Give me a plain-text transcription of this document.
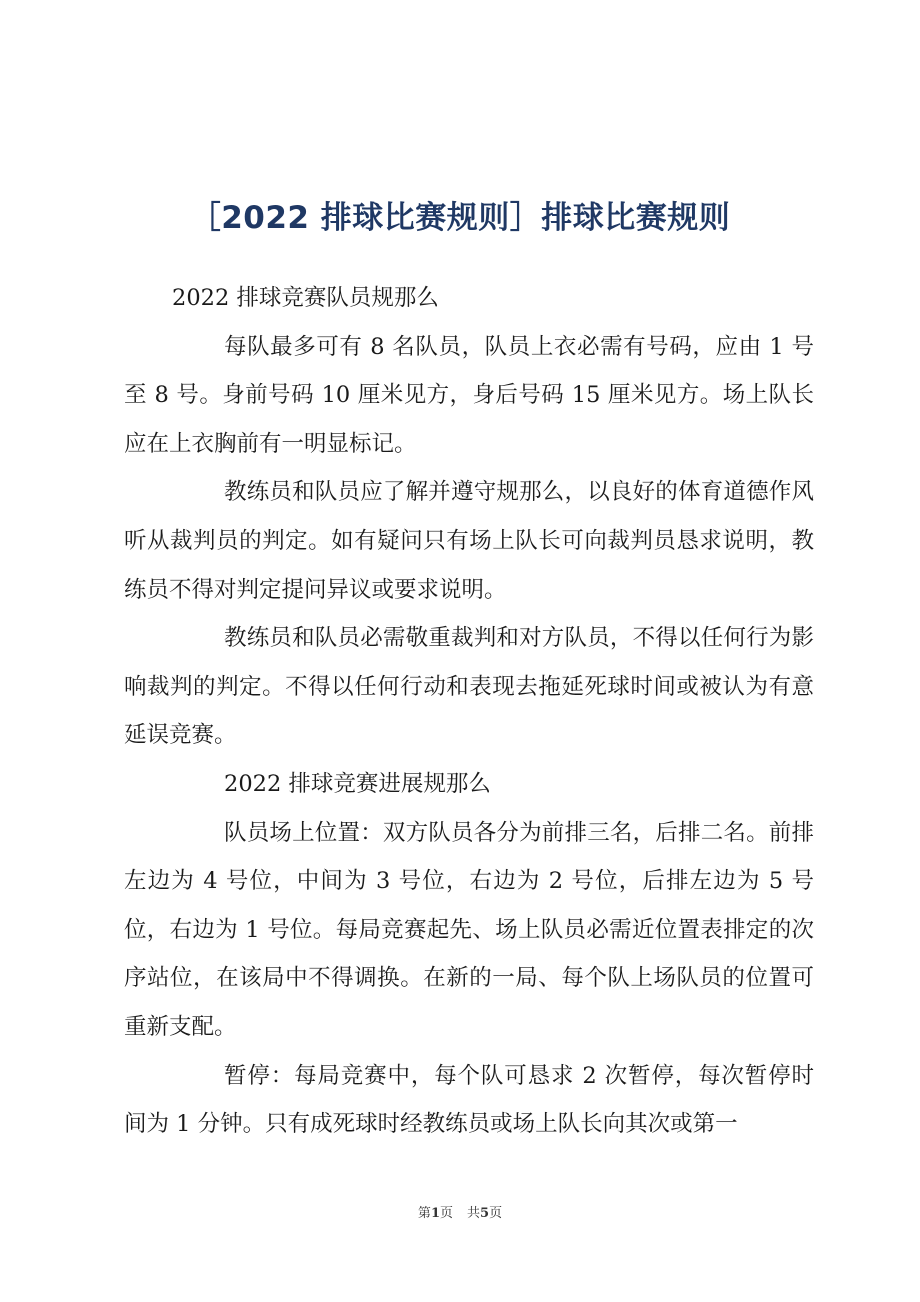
［2022 排球比赛规则］排球比赛规则

2022 排球竞赛队员规那么

每队最多可有 8 名队员，队员上衣必需有号码，应由 1 号至 8 号。身前号码 10 厘米见方，身后号码 15 厘米见方。场上队长应在上衣胸前有一明显标记。

教练员和队员应了解并遵守规那么，以良好的体育道德作风听从裁判员的判定。如有疑问只有场上队长可向裁判员恳求说明，教练员不得对判定提问异议或要求说明。

教练员和队员必需敬重裁判和对方队员，不得以任何行为影响裁判的判定。不得以任何行动和表现去拖延死球时间或被认为有意延误竞赛。

2022 排球竞赛进展规那么

队员场上位置：双方队员各分为前排三名，后排二名。前排左边为 4 号位，中间为 3 号位，右边为 2 号位，后排左边为 5 号位，右边为 1 号位。每局竞赛起先、场上队员必需近位置表排定的次序站位，在该局中不得调换。在新的一局、每个队上场队员的位置可重新支配。

暂停：每局竞赛中，每个队可恳求 2 次暂停，每次暂停时间为 1 分钟。只有成死球时经教练员或场上队长向其次或第一

第1页 共5页
